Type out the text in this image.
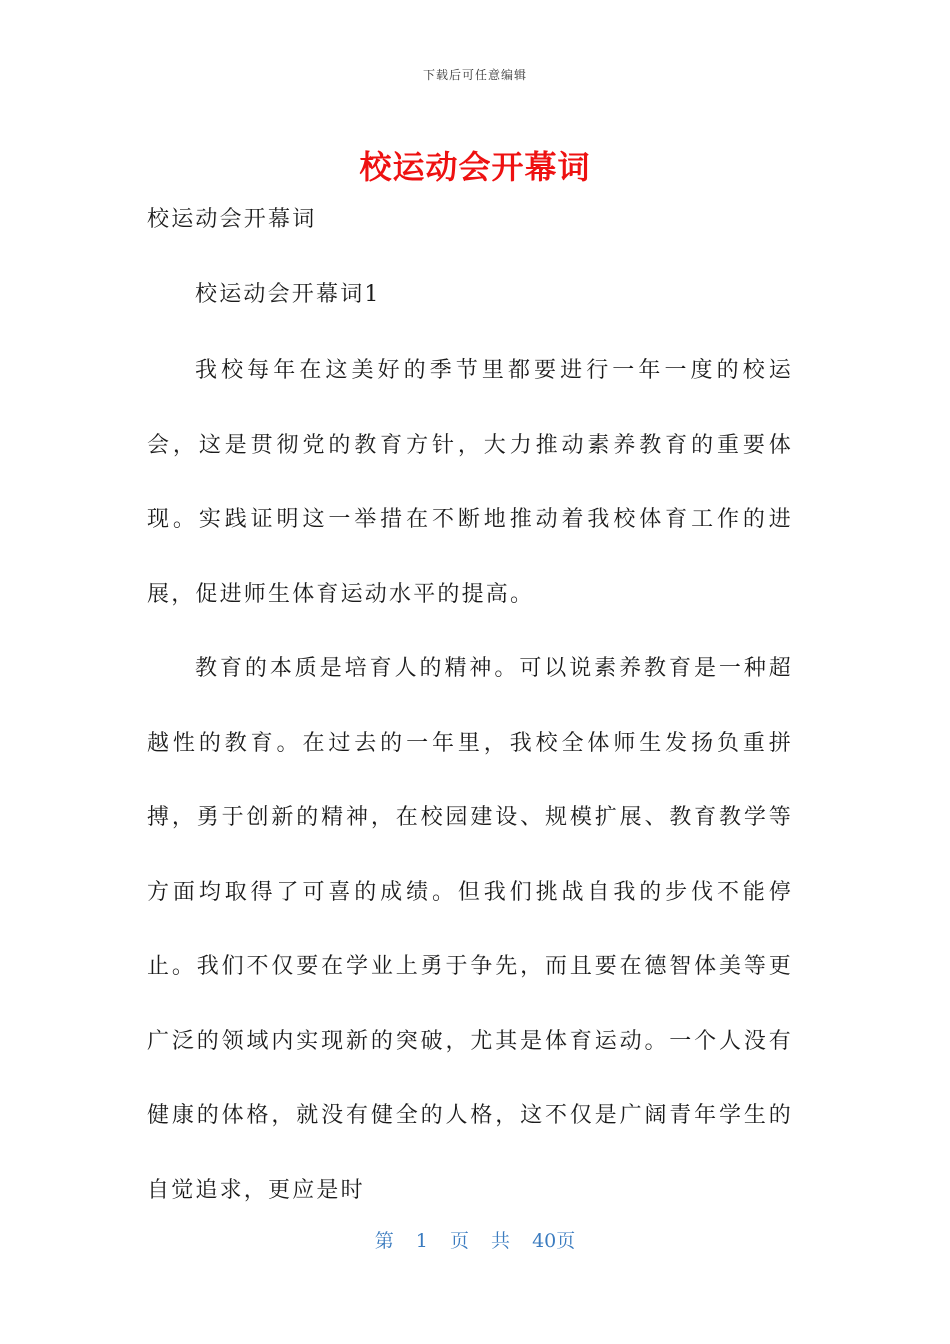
下载后可任意编辑
校运动会开幕词

校运动会开幕词

校运动会开幕词1

我校每年在这美好的季节里都要进行一年一度的校运会，这是贯彻党的教育方针，大力推动素养教育的重要体现。实践证明这一举措在不断地推动着我校体育工作的进展，促进师生体育运动水平的提高。

教育的本质是培育人的精神。可以说素养教育是一种超越性的教育。在过去的一年里，我校全体师生发扬负重拼搏，勇于创新的精神，在校园建设、规模扩展、教育教学等方面均取得了可喜的成绩。但我们挑战自我的步伐不能停止。我们不仅要在学业上勇于争先，而且要在德智体美等更广泛的领域内实现新的突破，尤其是体育运动。一个人没有健康的体格，就没有健全的人格，这不仅是广阔青年学生的自觉追求，更应是时

第 1 页 共 40页
